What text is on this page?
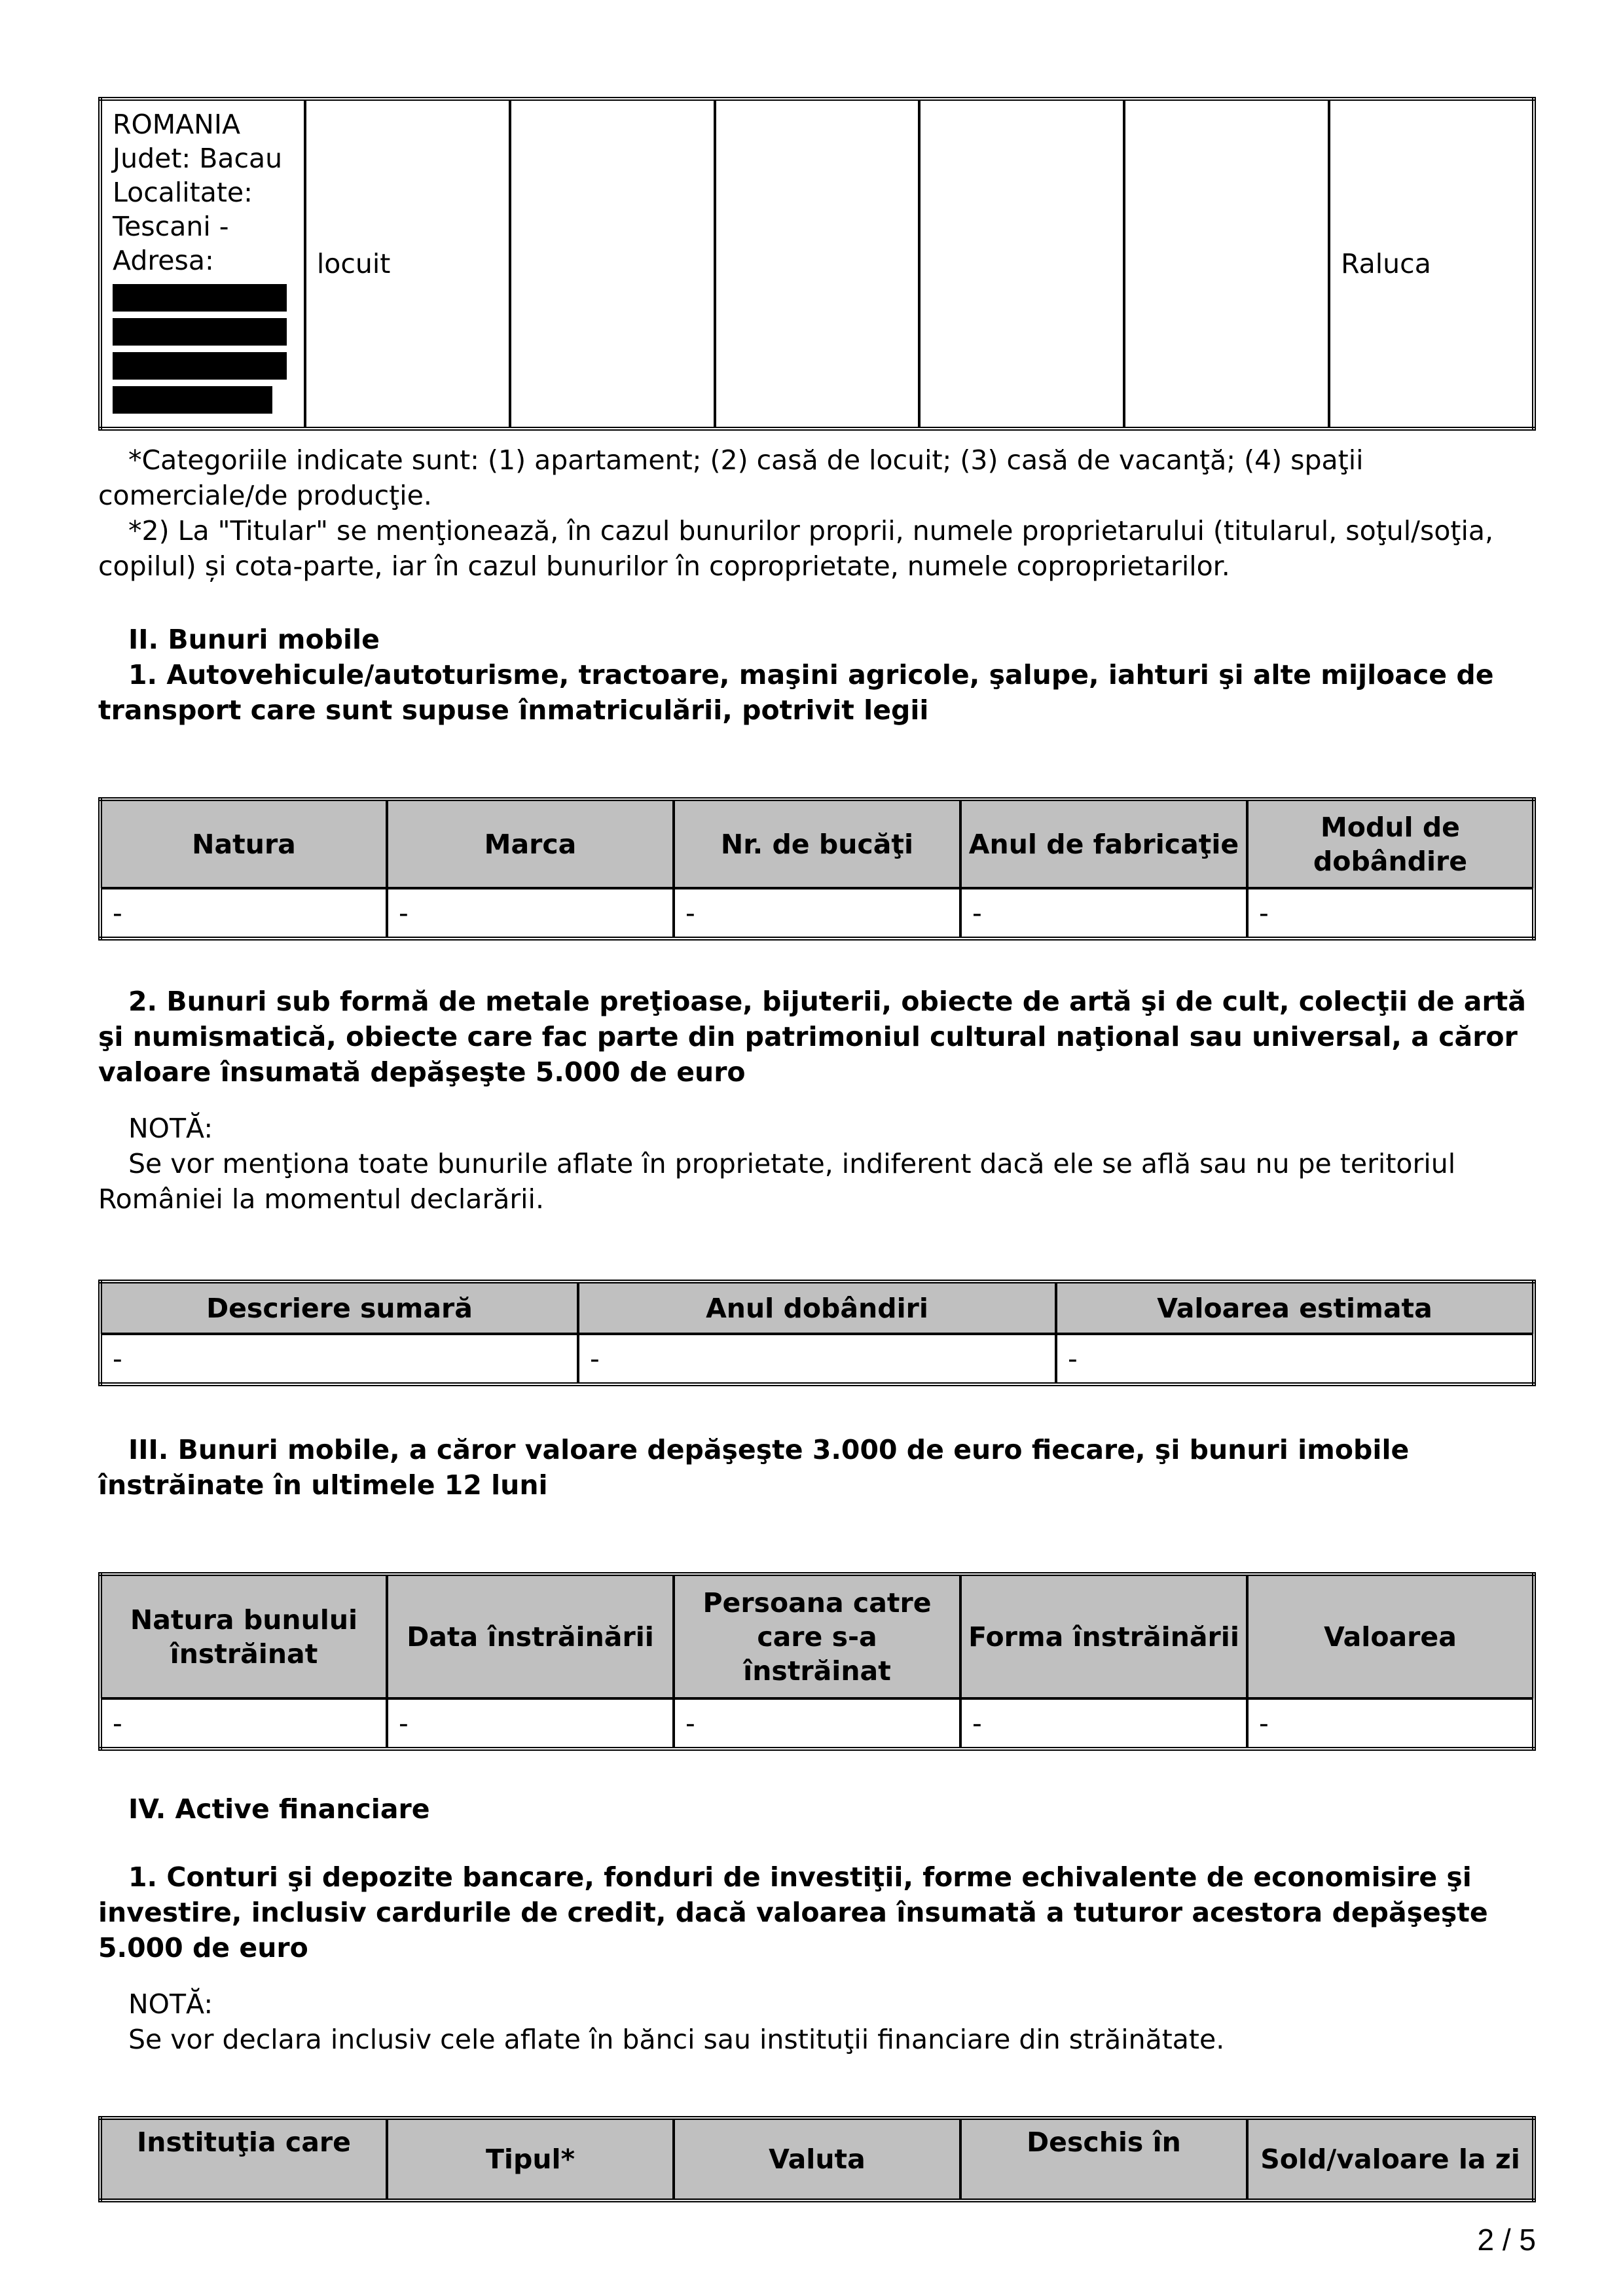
ROMANIA
Judet: Bacau
Localitate:
Tescani -
Adresa:	locuit					Raluca

*Categoriile indicate sunt: (1) apartament; (2) casă de locuit; (3) casă de vacanţă; (4) spaţii comerciale/de producţie.

*2) La "Titular" se menţionează, în cazul bunurilor proprii, numele proprietarului (titularul, soţul/soţia, copilul) și cota-parte, iar în cazul bunurilor în coproprietate, numele coproprietarilor.

II. Bunuri mobile

1. Autovehicule/autoturisme, tractoare, maşini agricole, şalupe, iahturi şi alte mijloace de transport care sunt supuse înmatriculării, potrivit legii

Natura	Marca	Nr. de bucăţi	Anul de fabricaţie	Modul de dobândire
-	-	-	-	-

2. Bunuri sub formă de metale preţioase, bijuterii, obiecte de artă şi de cult, colecţii de artă şi numismatică, obiecte care fac parte din patrimoniul cultural naţional sau universal, a căror valoare însumată depăşeşte 5.000 de euro

NOTĂ:

Se vor menţiona toate bunurile aflate în proprietate, indiferent dacă ele se află sau nu pe teritoriul României la momentul declarării.

Descriere sumară	Anul dobândiri	Valoarea estimata
-	-	-

III. Bunuri mobile, a căror valoare depăşeşte 3.000 de euro fiecare, şi bunuri imobile înstrăinate în ultimele 12 luni

Natura bunului înstrăinat	Data înstrăinării	Persoana catre care s-a înstrăinat	Forma înstrăinării	Valoarea
-	-	-	-	-

IV. Active financiare

1. Conturi şi depozite bancare, fonduri de investiţii, forme echivalente de economisire şi investire, inclusiv cardurile de credit, dacă valoarea însumată a tuturor acestora depăşeşte 5.000 de euro

NOTĂ:

Se vor declara inclusiv cele aflate în bănci sau instituţii financiare din străinătate.

Instituţia care	Tipul*	Valuta	Deschis în	Sold/valoare la zi
2 / 5
